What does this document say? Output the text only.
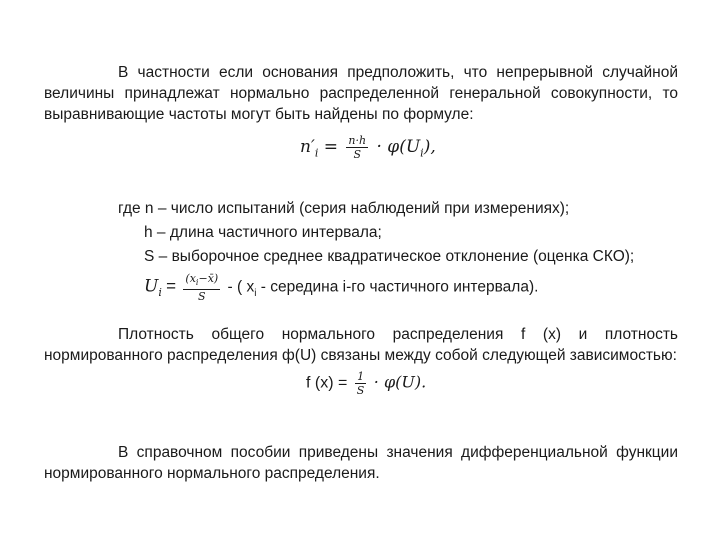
В частности если основания предположить, что непрерывной случайной величины принадлежат нормально распределенной генеральной совокупности, то выравнивающие частоты могут быть найдены по формуле:

$n'_i = \frac{n\cdot h}{S} \cdot \varphi(U_i)$,
где n – число испытаний (серия наблюдений при измерениях);
h – длина частичного интервала;
S – выборочное среднее квадратическое отклонение (оценка СКО);
$U_i = \frac{(x_i-x̄)}{S}$ - ( $x_i$ - середина i-го частичного интервала).

Плотность общего нормального распределения f (x) и плотность нормированного распределения ф(U) связаны между собой следующей зависимостью:

f $(x) = \frac{1}{S} \cdot \varphi(U)$.

В справочном пособии приведены значения дифференциальной функции нормированного нормального распределения.
